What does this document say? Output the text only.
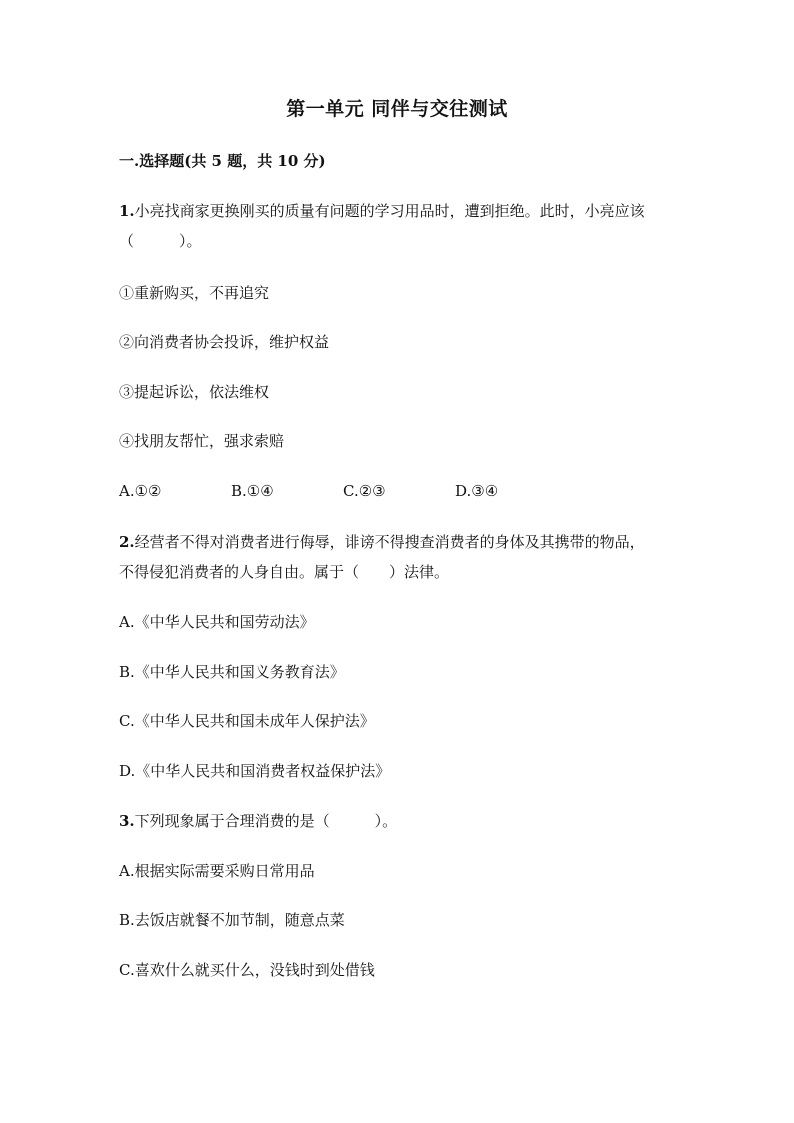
第一单元 同伴与交往测试
一.选择题(共 5 题，共 10 分)
1.小亮找商家更换刚买的质量有问题的学习用品时，遭到拒绝。此时，小亮应该
（　　　）。
①重新购买，不再追究
②向消费者协会投诉，维护权益
③提起诉讼，依法维权
④找朋友帮忙，强求索赔
A.①②	B.①④	C.②③	D.③④
2.经营者不得对消费者进行侮辱，诽谤不得搜查消费者的身体及其携带的物品，
不得侵犯消费者的人身自由。属于（　　）法律。
A.《中华人民共和国劳动法》
B.《中华人民共和国义务教育法》
C.《中华人民共和国未成年人保护法》
D.《中华人民共和国消费者权益保护法》
3.下列现象属于合理消费的是（　　　）。
A.根据实际需要采购日常用品
B.去饭店就餐不加节制，随意点菜
C.喜欢什么就买什么，没钱时到处借钱
